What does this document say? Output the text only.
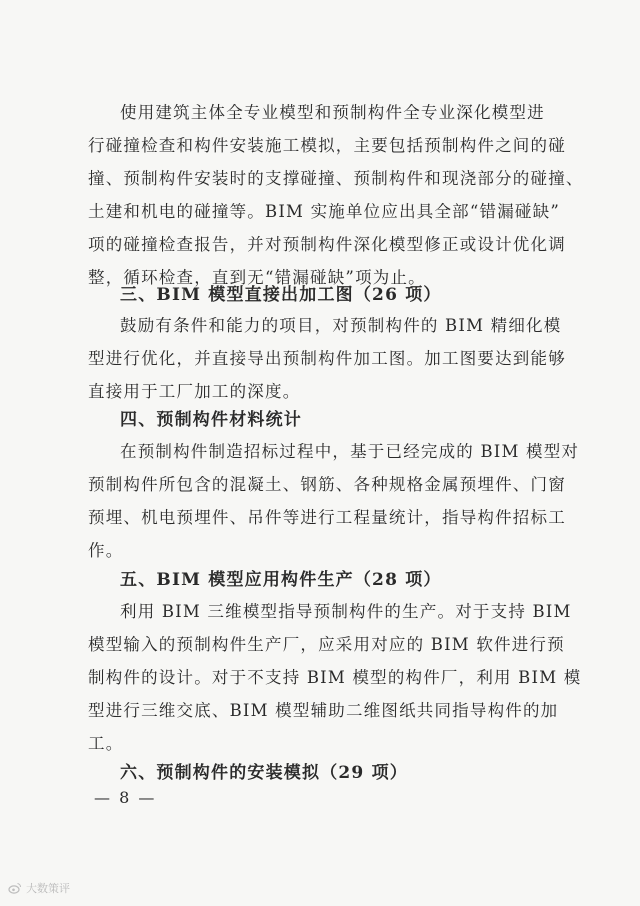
使用建筑主体全专业模型和预制构件全专业深化模型进
行碰撞检查和构件安装施工模拟，主要包括预制构件之间的碰
撞、预制构件安装时的支撑碰撞、预制构件和现浇部分的碰撞、
土建和机电的碰撞等。BIM 实施单位应出具全部“错漏碰缺”
项的碰撞检查报告，并对预制构件深化模型修正或设计优化调
整，循环检查，直到无“错漏碰缺”项为止。
三、BIM 模型直接出加工图（26 项）
鼓励有条件和能力的项目，对预制构件的 BIM 精细化模
型进行优化，并直接导出预制构件加工图。加工图要达到能够
直接用于工厂加工的深度。
四、预制构件材料统计
在预制构件制造招标过程中，基于已经完成的 BIM 模型对
预制构件所包含的混凝土、钢筋、各种规格金属预埋件、门窗
预埋、机电预埋件、吊件等进行工程量统计，指导构件招标工
作。
五、BIM 模型应用构件生产（28 项）
利用 BIM 三维模型指导预制构件的生产。对于支持 BIM
模型输入的预制构件生产厂，应采用对应的 BIM 软件进行预
制构件的设计。对于不支持 BIM 模型的构件厂，利用 BIM 模
型进行三维交底、BIM 模型辅助二维图纸共同指导构件的加
工。
六、预制构件的安装模拟（29 项）
— 8 —
大数策评
